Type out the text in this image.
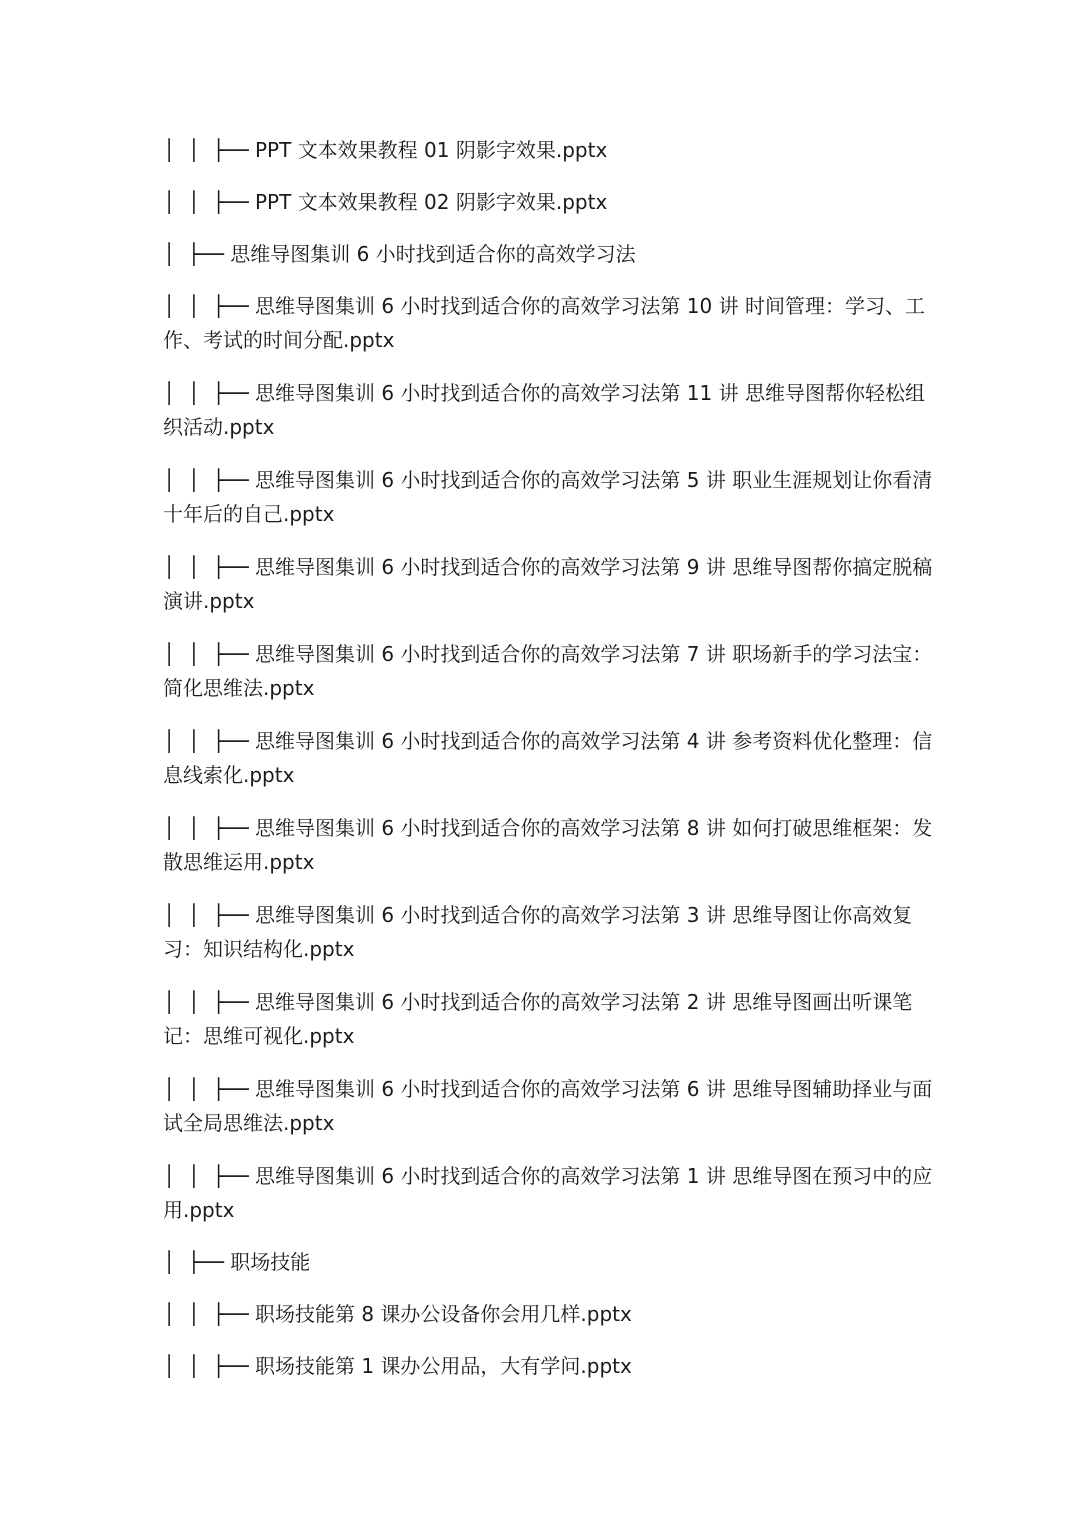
│  │  ├── PPT 文本效果教程 01 阴影字效果.pptx

│  │  ├── PPT 文本效果教程 02 阴影字效果.pptx

│  ├── 思维导图集训 6 小时找到适合你的高效学习法

│  │  ├── 思维导图集训 6 小时找到适合你的高效学习法第 10 讲 时间管理：学习、工作、考试的时间分配.pptx

│  │  ├── 思维导图集训 6 小时找到适合你的高效学习法第 11 讲 思维导图帮你轻松组织活动.pptx

│  │  ├── 思维导图集训 6 小时找到适合你的高效学习法第 5 讲 职业生涯规划让你看清十年后的自己.pptx

│  │  ├── 思维导图集训 6 小时找到适合你的高效学习法第 9 讲 思维导图帮你搞定脱稿演讲.pptx

│  │  ├── 思维导图集训 6 小时找到适合你的高效学习法第 7 讲 职场新手的学习法宝：简化思维法.pptx

│  │  ├── 思维导图集训 6 小时找到适合你的高效学习法第 4 讲 参考资料优化整理：信息线索化.pptx

│  │  ├── 思维导图集训 6 小时找到适合你的高效学习法第 8 讲 如何打破思维框架：发散思维运用.pptx

│  │  ├── 思维导图集训 6 小时找到适合你的高效学习法第 3 讲 思维导图让你高效复习：知识结构化.pptx

│  │  ├── 思维导图集训 6 小时找到适合你的高效学习法第 2 讲 思维导图画出听课笔记：思维可视化.pptx

│  │  ├── 思维导图集训 6 小时找到适合你的高效学习法第 6 讲 思维导图辅助择业与面试全局思维法.pptx

│  │  ├── 思维导图集训 6 小时找到适合你的高效学习法第 1 讲 思维导图在预习中的应用.pptx

│  ├── 职场技能

│  │  ├── 职场技能第 8 课办公设备你会用几样.pptx

│  │  ├── 职场技能第 1 课办公用品，大有学问.pptx
